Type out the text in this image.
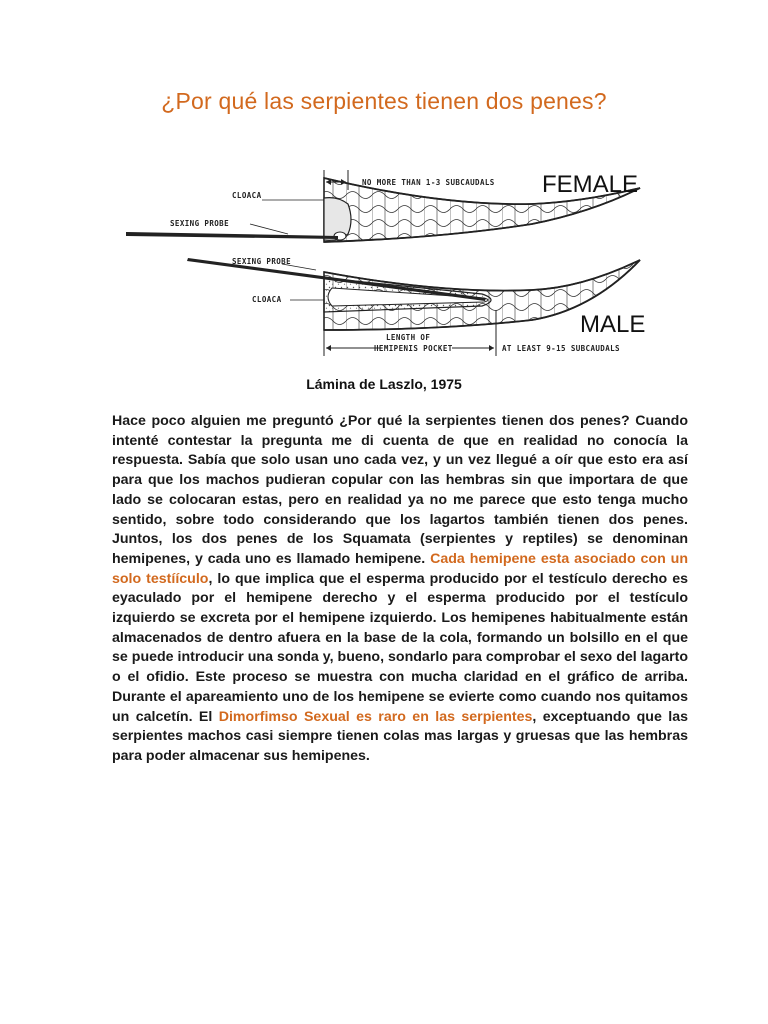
¿Por qué las serpientes tienen dos penes?
NO MORE THAN 1-3 SUBCAUDALS FEMALE
CLOACA
SEXING PROBE
SEXING PROBE
CLOACA
MALE
LENGTH OF
HEMIPENIS POCKET	AT LEAST 9-15 SUBCAUDALS
Lámina de Laszlo, 1975

Hace poco alguien me preguntó ¿Por qué la serpientes tienen dos penes? Cuando intenté contestar la pregunta me di cuenta de que en realidad no conocía la respuesta. Sabía que solo usan uno cada vez, y un vez llegué a oír que esto era así para que los machos pudieran copular con las hembras sin que importara de que lado se colocaran estas, pero en realidad ya no me parece que esto tenga mucho sentido, sobre todo considerando que los lagartos también tienen dos penes. Juntos, los dos penes de los Squamata (serpientes y reptiles) se denominan hemipenes, y cada uno es llamado hemipene. Cada hemipene esta asociado con un solo testíículo, lo que implica que el esperma producido por el testículo derecho es eyaculado por el hemipene derecho y el esperma producido por el testículo izquierdo se excreta por el hemipene izquierdo. Los hemipenes habitualmente están almacenados de dentro afuera en la base de la cola, formando un bolsillo en el que se puede introducir una sonda y, bueno, sondarlo para comprobar el sexo del lagarto o el ofidio. Este proceso se muestra con mucha claridad en el gráfico de arriba. Durante el apareamiento uno de los hemipene se evierte como cuando nos quitamos un calcetín. El Dimorfimso Sexual es raro en las serpientes, exceptuando que las serpientes machos casi siempre tienen colas mas largas y gruesas que las hembras para poder almacenar sus hemipenes.
